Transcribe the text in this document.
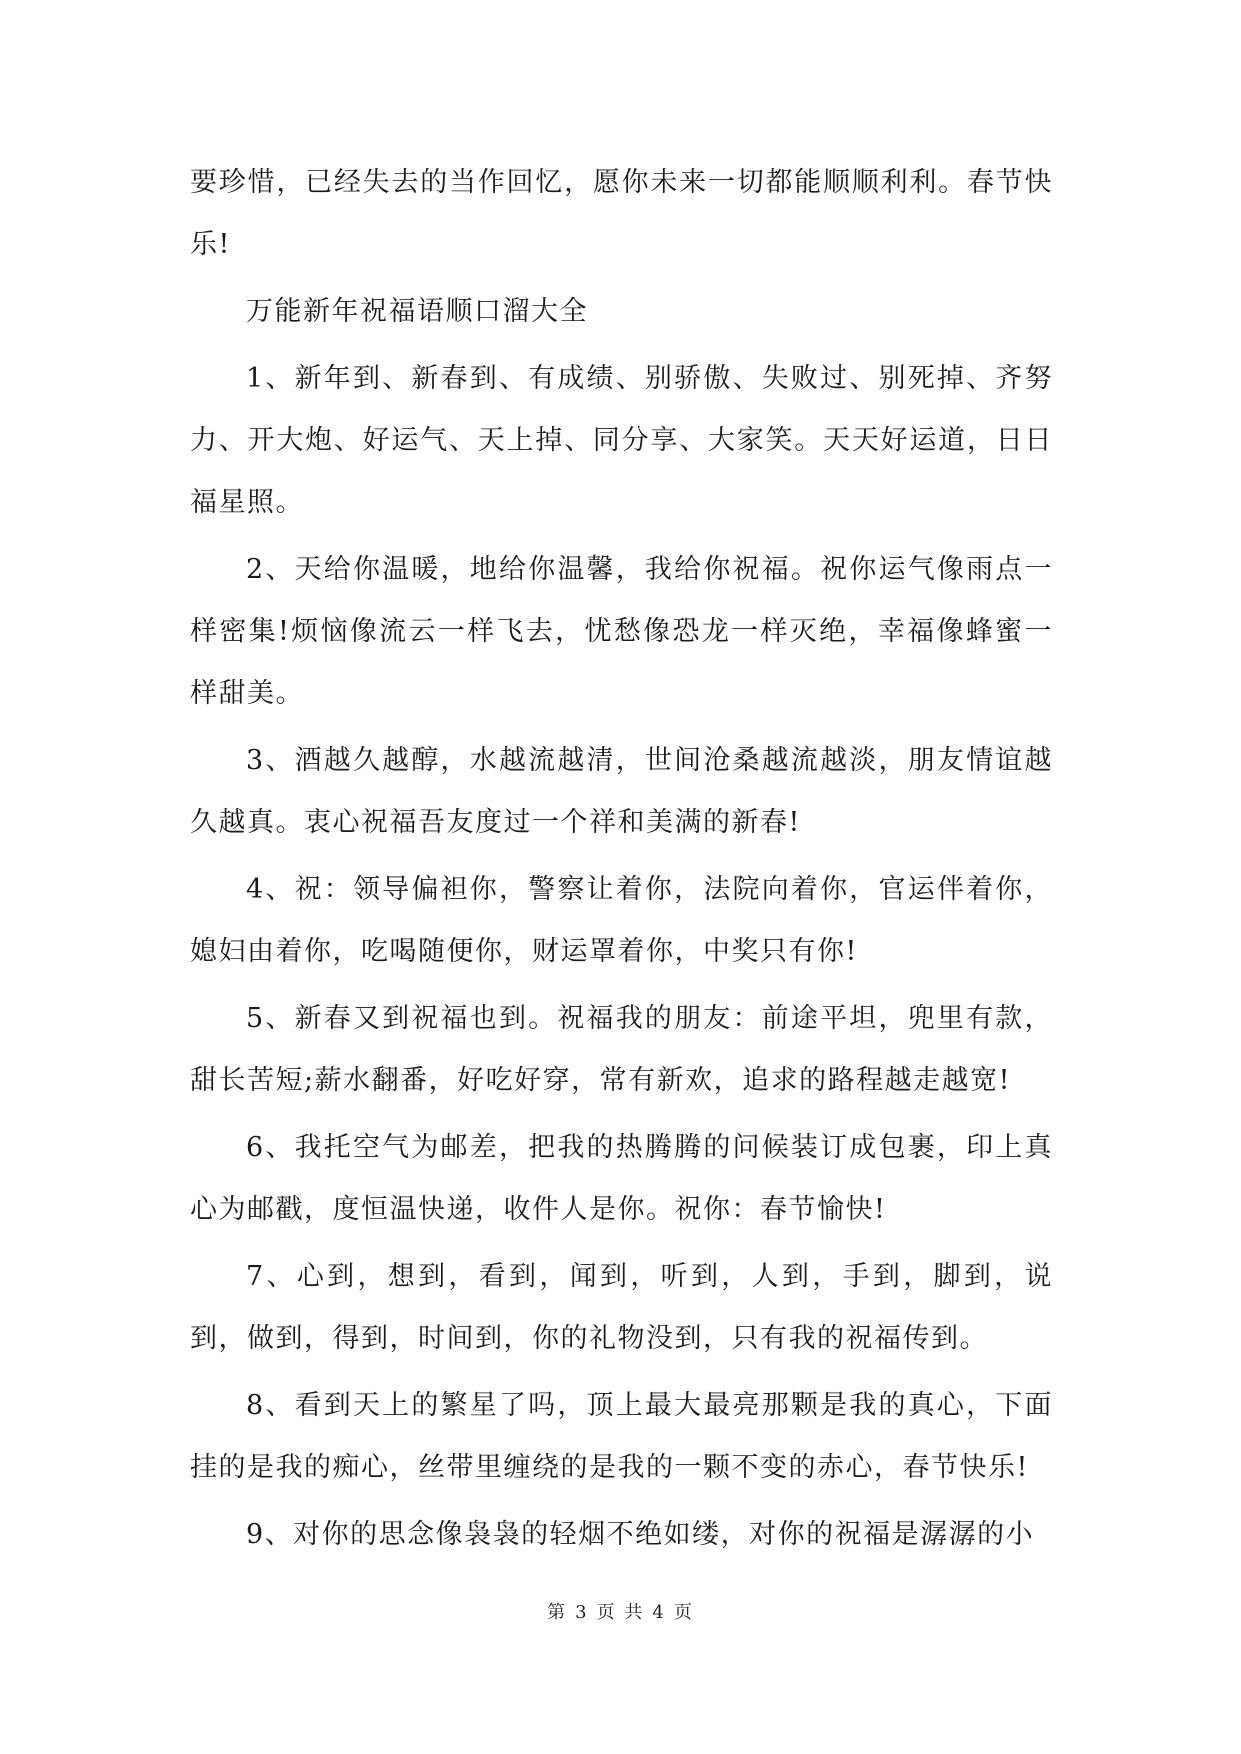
要珍惜，已经失去的当作回忆，愿你未来一切都能顺顺利利。春节快乐!

万能新年祝福语顺口溜大全

1、新年到、新春到、有成绩、别骄傲、失败过、别死掉、齐努力、开大炮、好运气、天上掉、同分享、大家笑。天天好运道，日日福星照。

2、天给你温暖，地给你温馨，我给你祝福。祝你运气像雨点一样密集!烦恼像流云一样飞去，忧愁像恐龙一样灭绝，幸福像蜂蜜一样甜美。

3、酒越久越醇，水越流越清，世间沧桑越流越淡，朋友情谊越久越真。衷心祝福吾友度过一个祥和美满的新春!

4、祝：领导偏袒你，警察让着你，法院向着你，官运伴着你，媳妇由着你，吃喝随便你，财运罩着你，中奖只有你!

5、新春又到祝福也到。祝福我的朋友：前途平坦，兜里有款，甜长苦短;薪水翻番，好吃好穿，常有新欢，追求的路程越走越宽!

6、我托空气为邮差，把我的热腾腾的问候装订成包裹，印上真心为邮戳，度恒温快递，收件人是你。祝你：春节愉快!

7、心到，想到，看到，闻到，听到，人到，手到，脚到，说到，做到，得到，时间到，你的礼物没到，只有我的祝福传到。

8、看到天上的繁星了吗，顶上最大最亮那颗是我的真心，下面挂的是我的痴心，丝带里缠绕的是我的一颗不变的赤心，春节快乐!

9、对你的思念像袅袅的轻烟不绝如缕，对你的祝福是潺潺的小

第 3 页 共 4 页
